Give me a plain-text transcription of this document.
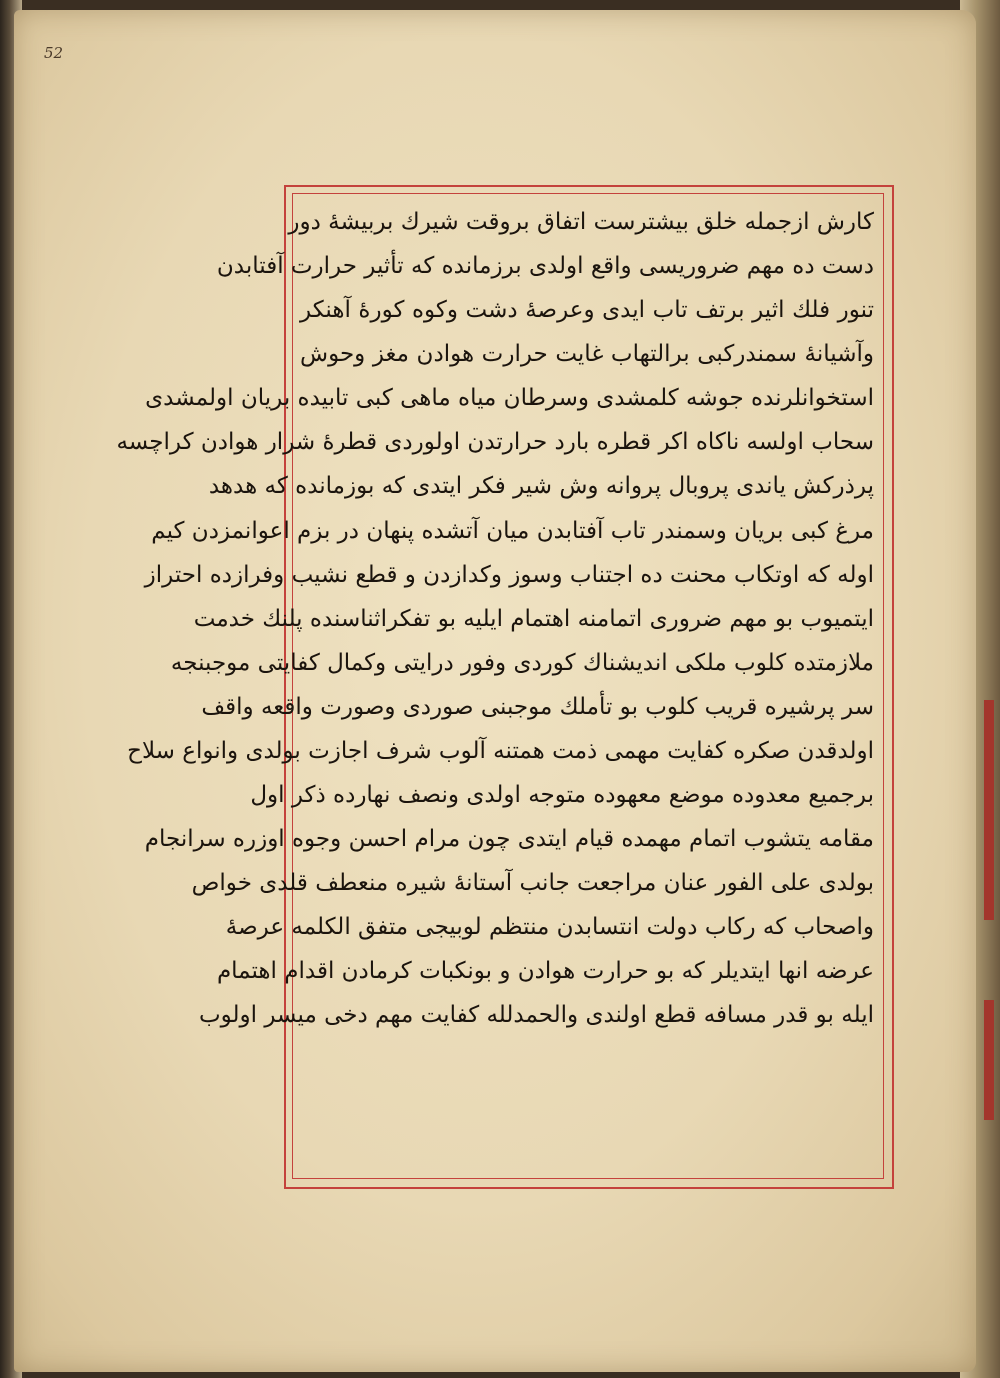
52
کارش ازجمله خلق بیشترست اتفاق بروقت شیرك بربیشهٔ دور
دست ده مهم ضروریسی واقع اولدی برزمانده که تأثیر حرارت آفتابدن
تنور فلك اثیر برتف تاب ایدی وعرصهٔ دشت وکوه کورهٔ آهنکر
وآشیانهٔ سمندرکبی برالتهاب غایت حرارت هوادن مغز وحوش
استخوانلرنده جوشه کلمشدی وسرطان میاه ماهی کبی تابیده بریان اولمشدی
سحاب اولسه ناکاه اکر قطره بارد حرارتدن اولوردی قطرهٔ شرار هوادن کراچسه
پرذرکش یاندی پروبال پروانه وش شیر فکر ایتدی که بوزمانده که هدهد
مرغ کبی بریان وسمندر تاب آفتابدن میان آتشده پنهان در بزم اعوانمزدن کیم
اوله که اوتکاب محنت ده اجتناب وسوز وکدازدن و قطع نشیب وفرازده احتراز
ایتمیوب بو مهم ضروری اتمامنه اهتمام ایلیه بو تفکراثناسنده پلنك خدمت
ملازمتده کلوب ملکی اندیشناك کوردی وفور درایتی وکمال کفایتی موجبنجه
سر پرشیره قریب کلوب بو تأملك موجبنی صوردی وصورت واقعه واقف
اولدقدن صکره کفایت مهمی ذمت همتنه آلوب شرف اجازت بولدی وانواع سلاح
برجمیع معدوده موضع معهوده متوجه اولدی ونصف نهارده ذکر اول
مقامه یتشوب اتمام مهمده قیام ایتدی چون مرام احسن وجوه اوزره سرانجام
بولدی علی الفور عنان مراجعت جانب آستانهٔ شیره منعطف قلدی خواص
واصحاب که رکاب دولت انتسابدن منتظم لوبیجی متفق الکلمه عرصهٔ
عرضه انها ایتدیلر که بو حرارت هوادن و بونکبات کرمادن اقدام اهتمام
ایله بو قدر مسافه قطع اولندی والحمدلله کفایت مهم دخی میسر اولوب
